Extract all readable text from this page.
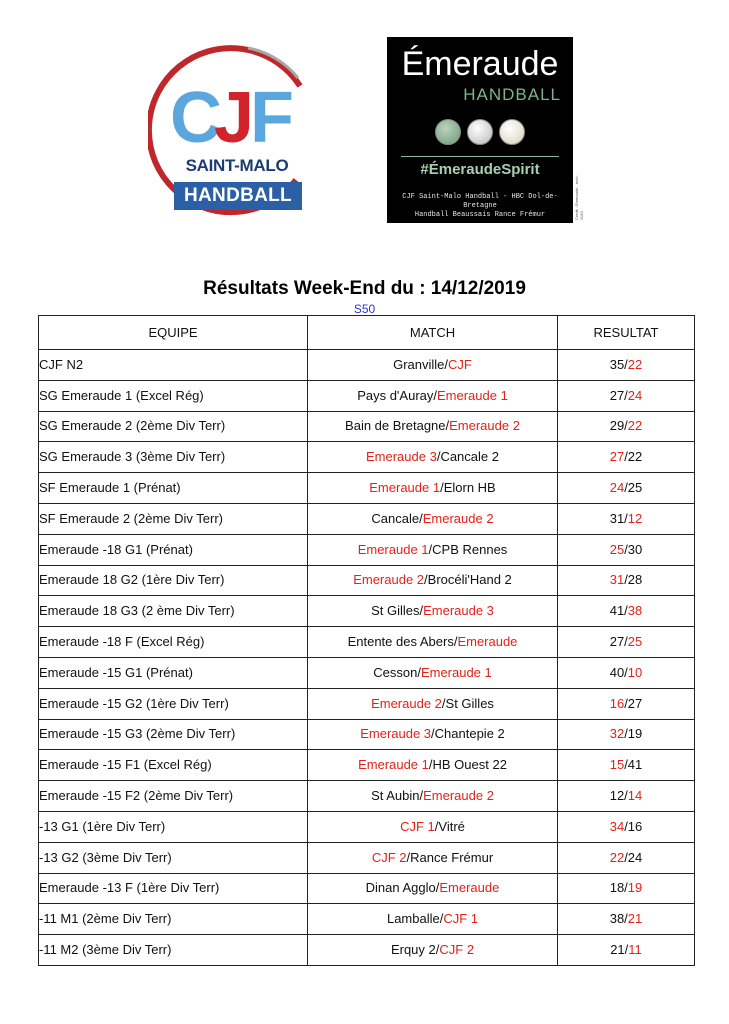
C
J F
SAINT-MALO
HANDBALL
Émeraude
HANDBALL
#ÉmeraudeSpirit
CJF Saint-Malo Handball - HBC Dol-de-Bretagne
Handball Beaussais Rance Frémur	Crédit : Émeraude - mcb - 2019
Résultats Week-End du : 14/12/2019
S50
EQUIPE	MATCH	RESULTAT
CJF N2	Granville/CJF	35/22
SG Emeraude 1 (Excel Rég)	Pays d'Auray/Emeraude 1	27/24
SG Emeraude 2 (2ème Div Terr)	Bain de Bretagne/Emeraude 2	29/22
SG Emeraude 3 (3ème Div Terr)	Emeraude 3/Cancale 2	27/22
SF Emeraude 1 (Prénat)	Emeraude 1/Elorn HB	24/25
SF Emeraude 2 (2ème Div Terr)	Cancale/Emeraude 2	31/12
Emeraude -18 G1 (Prénat)	Emeraude 1/CPB Rennes	25/30
Emeraude 18 G2 (1ère Div Terr)	Emeraude 2/Brocéli'Hand 2	31/28
Emeraude 18 G3 (2 ème Div Terr)	St Gilles/Emeraude 3	41/38
Emeraude -18 F (Excel Rég)	Entente des Abers/Emeraude	27/25
Emeraude -15 G1 (Prénat)	Cesson/Emeraude 1	40/10
Emeraude -15 G2 (1ère Div Terr)	Emeraude 2/St Gilles	16/27
Emeraude -15 G3 (2ème Div Terr)	Emeraude 3/Chantepie 2	32/19
Emeraude -15 F1 (Excel Rég)	Emeraude 1/HB Ouest 22	15/41
Emeraude -15 F2 (2ème Div Terr)	St Aubin/Emeraude 2	12/14
-13 G1 (1ère Div Terr)	CJF 1/Vitré	34/16
-13 G2 (3ème Div Terr)	CJF 2/Rance Frémur	22/24
Emeraude -13 F (1ère Div Terr)	Dinan Agglo/Emeraude	18/19
-11 M1 (2ème Div Terr)	Lamballe/CJF 1	38/21
-11 M2 (3ème Div Terr)	Erquy 2/CJF 2	21/11
